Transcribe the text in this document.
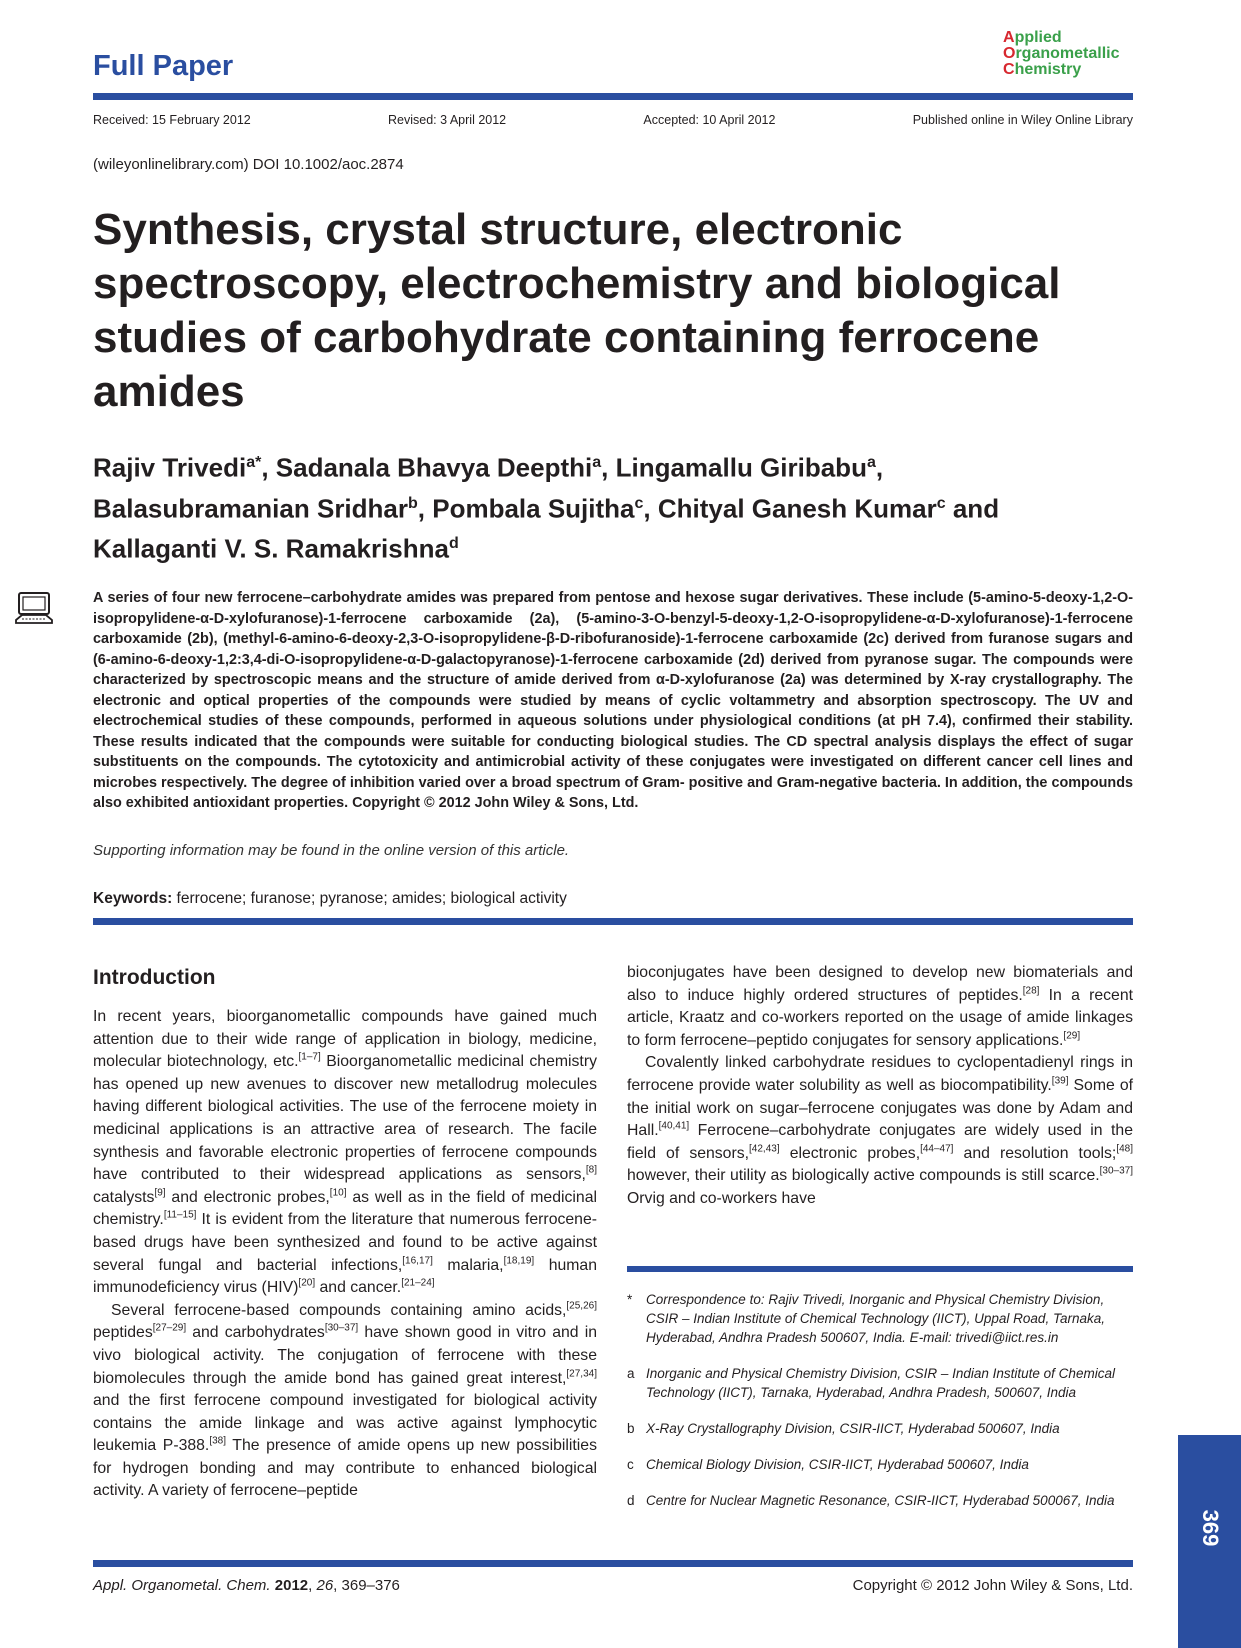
Full Paper
Applied
Organometallic
Chemistry
Received: 15 February 2012	Revised: 3 April 2012	Accepted: 10 April 2012	Published online in Wiley Online Library
(wileyonlinelibrary.com) DOI 10.1002/aoc.2874
Synthesis, crystal structure, electronic spectroscopy, electrochemistry and biological studies of carbohydrate containing ferrocene amides
Rajiv Trivedi$^{a*}$, Sadanala Bhavya Deepthi$^a$, Lingamallu Giribabu$^a$,
Balasubramanian Sridhar$^b$, Pombala Sujitha$^c$, Chityal Ganesh Kumar$^c$ and
Kallaganti V. S. Ramakrishna$^d$

A series of four new ferrocene–carbohydrate amides was prepared from pentose and hexose sugar derivatives. These include (5-amino-5-deoxy-1,2-O-isopropylidene-α-D-xylofuranose)-1-ferrocene carboxamide (2a), (5-amino-3-O-benzyl-5-deoxy-1,2-O-isopropylidene-α-D-xylofuranose)-1-ferrocene carboxamide (2b), (methyl-6-amino-6-deoxy-2,3-O-isopropylidene-β-D-ribofuranoside)-1-ferrocene carboxamide (2c) derived from furanose sugars and (6-amino-6-deoxy-1,2:3,4-di-O-isopropylidene-α-D-galactopyranose)-1-ferrocene carboxamide (2d) derived from pyranose sugar. The compounds were characterized by spectroscopic means and the structure of amide derived from α-D-xylofuranose (2a) was determined by X-ray crystallography. The electronic and optical properties of the compounds were studied by means of cyclic voltammetry and absorption spectroscopy. The UV and electrochemical studies of these compounds, performed in aqueous solutions under physiological conditions (at pH 7.4), confirmed their stability. These results indicated that the compounds were suitable for conducting biological studies. The CD spectral analysis displays the effect of sugar substituents on the compounds. The cytotoxicity and antimicrobial activity of these conjugates were investigated on different cancer cell lines and microbes respectively. The degree of inhibition varied over a broad spectrum of Gram- positive and Gram-negative bacteria. In addition, the compounds also exhibited antioxidant properties. Copyright © 2012 John Wiley & Sons, Ltd.

Supporting information may be found in the online version of this article.
Keywords: ferrocene; furanose; pyranose; amides; biological activity
Introduction

In recent years, bioorganometallic compounds have gained much attention due to their wide range of application in biology, medicine, molecular biotechnology, etc.[1–7] Bioorganometallic medicinal chemistry has opened up new avenues to discover new metallodrug molecules having different biological activities. The use of the ferrocene moiety in medicinal applications is an attractive area of research. The facile synthesis and favorable electronic properties of ferrocene compounds have contributed to their widespread applications as sensors,[8] catalysts[9] and electronic probes,[10] as well as in the field of medicinal chemistry.[11–15] It is evident from the literature that numerous ferrocene-based drugs have been synthesized and found to be active against several fungal and bacterial infections,[16,17] malaria,[18,19] human immunodeficiency virus (HIV)[20] and cancer.[21–24]

Several ferrocene-based compounds containing amino acids,[25,26] peptides[27–29] and carbohydrates[30–37] have shown good in vitro and in vivo biological activity. The conjugation of ferrocene with these biomolecules through the amide bond has gained great interest,[27,34] and the first ferrocene compound investigated for biological activity contains the amide linkage and was active against lymphocytic leukemia P-388.[38] The presence of amide opens up new possibilities for hydrogen bonding and may contribute to enhanced biological activity. A variety of ferrocene–peptide

bioconjugates have been designed to develop new biomaterials and also to induce highly ordered structures of peptides.[28] In a recent article, Kraatz and co-workers reported on the usage of amide linkages to form ferrocene–peptido conjugates for sensory applications.[29]

Covalently linked carbohydrate residues to cyclopentadienyl rings in ferrocene provide water solubility as well as biocompatibility.[39] Some of the initial work on sugar–ferrocene conjugates was done by Adam and Hall.[40,41] Ferrocene–carbohydrate conjugates are widely used in the field of sensors,[42,43] electronic probes,[44–47] and resolution tools;[48] however, their utility as biologically active compounds is still scarce.[30–37] Orvig and co-workers have

* Correspondence to: Rajiv Trivedi, Inorganic and Physical Chemistry Division, CSIR – Indian Institute of Chemical Technology (IICT), Uppal Road, Tarnaka, Hyderabad, Andhra Pradesh 500607, India. E-mail: trivedi@iict.res.in
a Inorganic and Physical Chemistry Division, CSIR – Indian Institute of Chemical Technology (IICT), Tarnaka, Hyderabad, Andhra Pradesh, 500607, India
b X-Ray Crystallography Division, CSIR-IICT, Hyderabad 500607, India
c Chemical Biology Division, CSIR-IICT, Hyderabad 500607, India
d Centre for Nuclear Magnetic Resonance, CSIR-IICT, Hyderabad 500067, India
Appl. Organometal. Chem. 2012, 26, 369–376	Copyright © 2012 John Wiley & Sons, Ltd.
369
